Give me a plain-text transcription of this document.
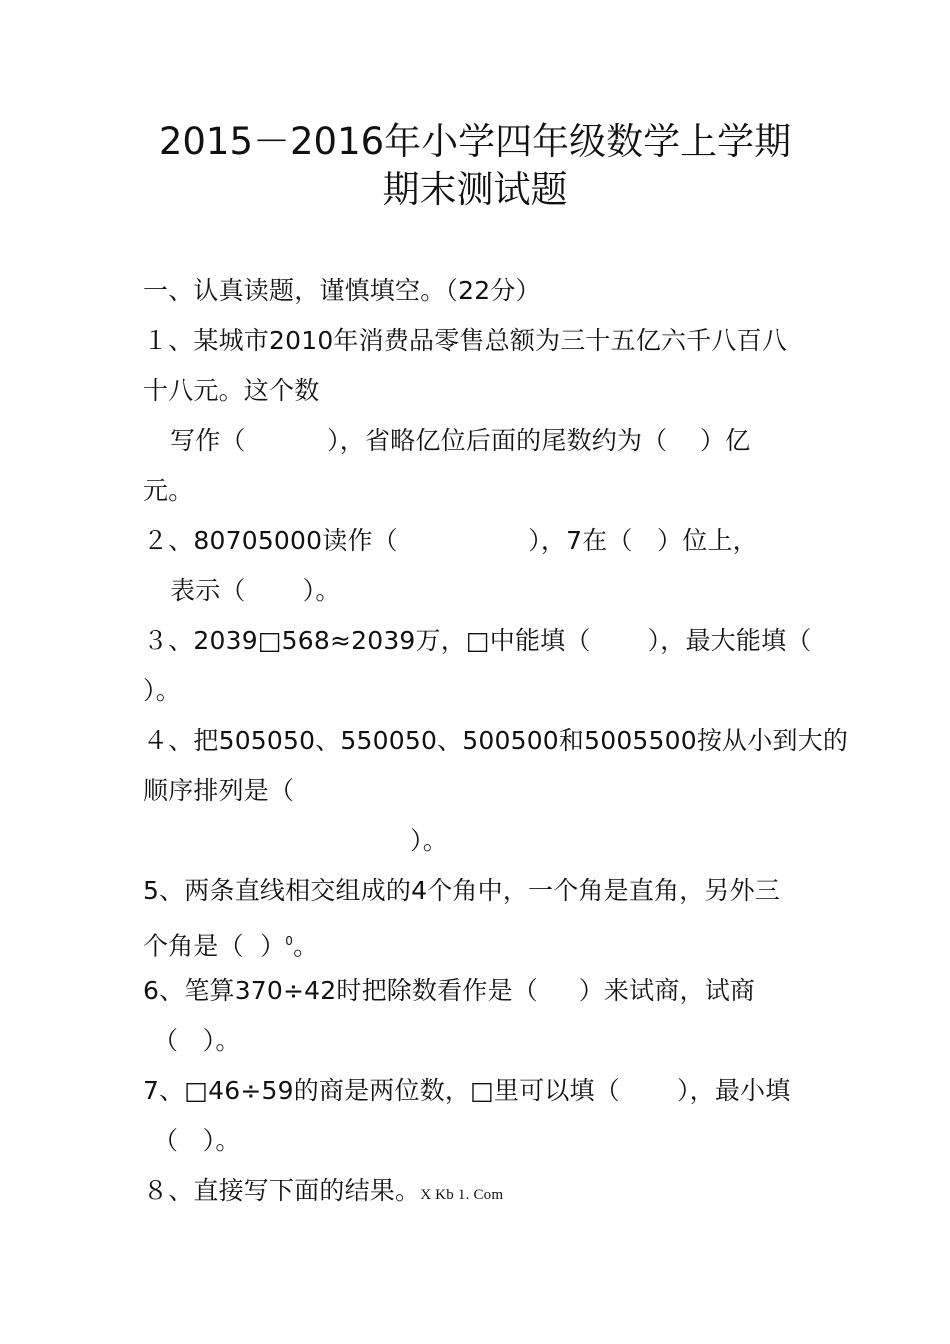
2015－2016年小学四年级数学上学期
期末测试题
一、认真读题，谨慎填空。（22分）
１、某城市2010年消费品零售总额为三十五亿六千八百八
十八元。这个数
写作（          ），省略亿位后面的尾数约为（    ）亿
元。
２、80705000读作（                ），7在（   ）位上，
表示（       ）。
３、2039□568≈2039万，□中能填（       ），最大能填（
）。
４、把505050、550050、500500和5005500按从小到大的
顺序排列是（
）。
5、两条直线相交组成的4个角中，一个角是直角，另外三
个角是（  ）$^0$。
6、笔算370÷42时把除数看作是（     ）来试商，试商
（   ）。
7、□46÷59的商是两位数，□里可以填（       ），最小填
（   ）。
８、直接写下面的结果。X Kb 1. Com
